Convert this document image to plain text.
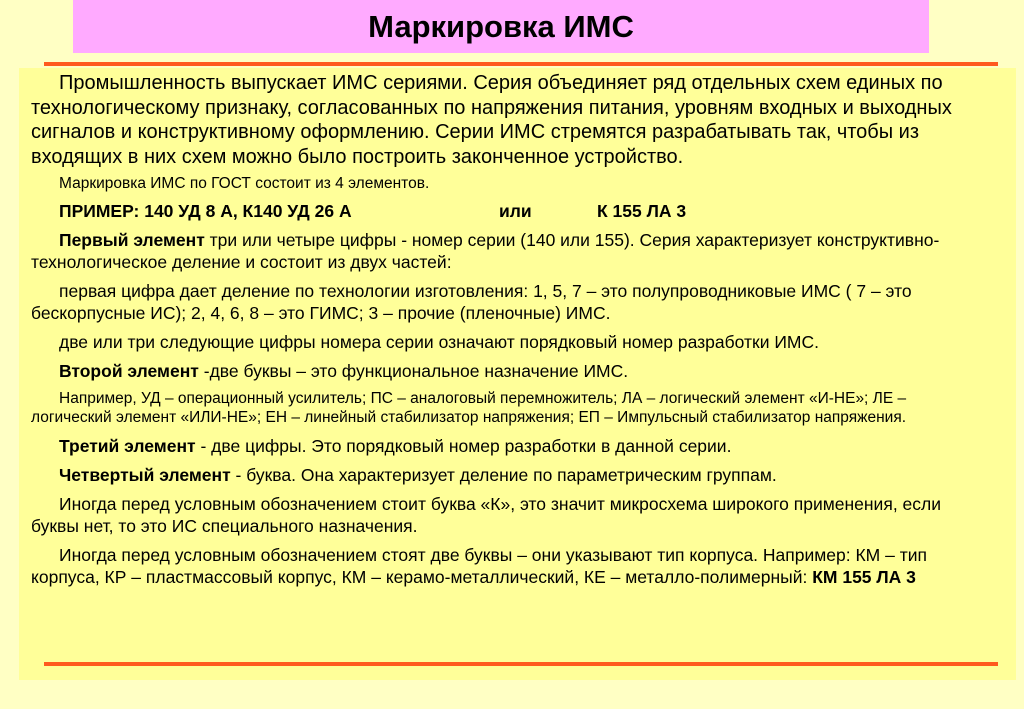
Маркировка ИМС

Промышленность выпускает ИМС сериями. Серия объединяет ряд отдельных схем единых по технологическому признаку, согласованных по напряжения питания, уровням входных и выходных сигналов и конструктивному оформлению. Серии ИМС стремятся разрабатывать так, чтобы из входящих в них схем можно было построить законченное устройство.

Маркировка ИМС по ГОСТ состоит из 4 элементов.

ПРИМЕР: 140 УД 8 А, К140 УД 26 А	или	К 155 ЛА 3

Первый элемент три или четыре цифры - номер серии (140 или 155). Серия характеризует конструктивно-технологическое деление и состоит из двух частей:

первая цифра дает деление по технологии изготовления: 1, 5, 7 – это полупроводниковые ИМС ( 7 – это бескорпусные ИС); 2, 4, 6, 8 – это ГИМС; 3 – прочие (пленочные) ИМС.

две или три следующие цифры номера серии означают порядковый номер разработки ИМС.

Второй элемент -две буквы – это функциональное назначение ИМС.

Например, УД – операционный усилитель; ПС – аналоговый перемножитель; ЛА – логический элемент «И-НЕ»; ЛЕ – логический элемент «ИЛИ-НЕ»; ЕН – линейный стабилизатор напряжения; ЕП – Импульсный стабилизатор напряжения.

Третий элемент - две цифры. Это порядковый номер разработки в данной серии.

Четвертый элемент - буква. Она характеризует деление по параметрическим группам.

Иногда перед условным обозначением стоит буква «К», это значит микросхема широкого применения, если буквы нет, то это ИС специального назначения.

Иногда перед условным обозначением стоят две буквы – они указывают тип корпуса. Например: КМ – тип корпуса, КР – пластмассовый корпус, КМ – керамо-металлический, КЕ – металло-полимерный: КМ 155 ЛА 3
